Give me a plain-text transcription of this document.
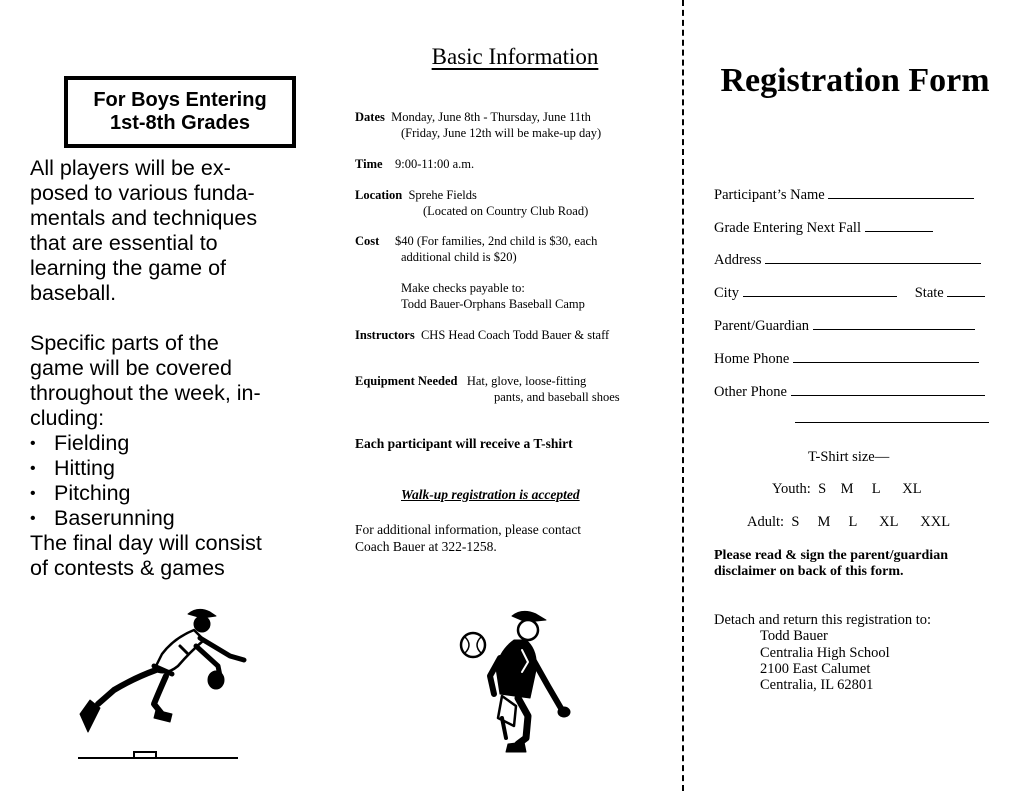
For Boys Entering
1st-8th Grades

All players will be ex-

posed to various funda-

mentals and techniques

that are essential to

learning the game of

baseball.

Specific parts of the

game will be covered

throughout the week, in-

cluding:

• Fielding
• Hitting
• Pitching
• Baserunning

The final day will consist

of contests & games

Basic Information
Dates Monday, June 8th - Thursday, June 11th
(Friday, June 12th will be make-up day)
Time 9:00-11:00 a.m.
Location Sprehe Fields
(Located on Country Club Road)
Cost $40 (For families, 2nd child is $30, each
additional child is $20)
Make checks payable to:
Todd Bauer-Orphans Baseball Camp
Instructors CHS Head Coach Todd Bauer & staff
Equipment Needed Hat, glove, loose-fitting
pants, and baseball shoes
Each participant will receive a T-shirt
Walk-up registration is accepted
For additional information, please contact
Coach Bauer at 322-1258.
Registration Form
Participant’s Name
Grade Entering Next Fall
Address
City	State
Parent/Guardian
Home Phone
Other Phone
T-Shirt size—
Youth: S M L XL
Adult: S M L XL XXL
Please read & sign the parent/guardian
disclaimer on back of this form.
Detach and return this registration to:
Todd Bauer
Centralia High School
2100 East Calumet
Centralia, IL 62801
